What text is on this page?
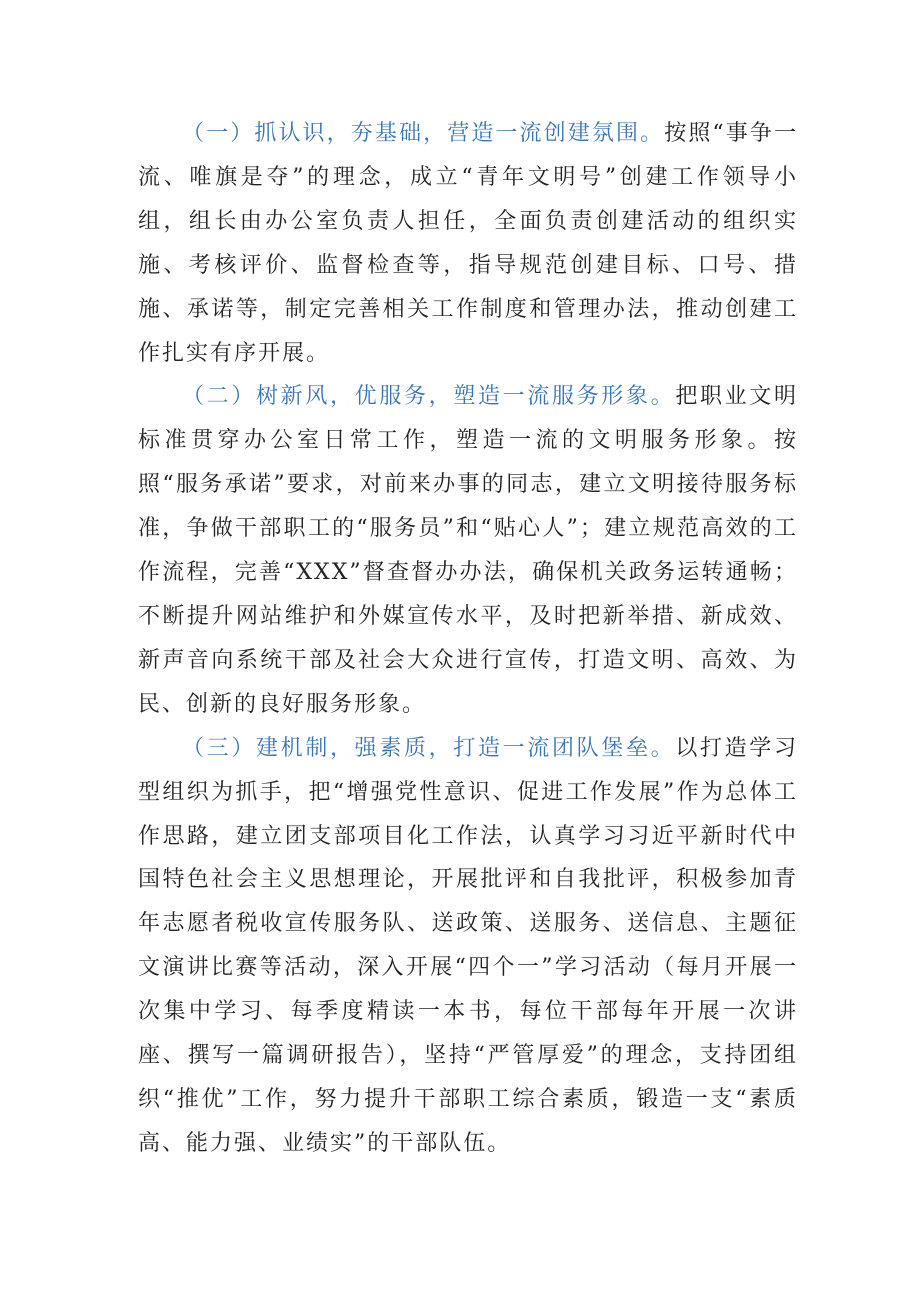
（一）抓认识，夯基础，营造一流创建氛围。按照“事争一流、唯旗是夺”的理念，成立“青年文明号”创建工作领导小组，组长由办公室负责人担任，全面负责创建活动的组织实施、考核评价、监督检查等，指导规范创建目标、口号、措施、承诺等，制定完善相关工作制度和管理办法，推动创建工作扎实有序开展。

（二）树新风，优服务，塑造一流服务形象。把职业文明标准贯穿办公室日常工作，塑造一流的文明服务形象。按照“服务承诺”要求，对前来办事的同志，建立文明接待服务标准，争做干部职工的“服务员”和“贴心人”；建立规范高效的工作流程，完善“XXX”督查督办办法，确保机关政务运转通畅；不断提升网站维护和外媒宣传水平，及时把新举措、新成效、新声音向系统干部及社会大众进行宣传，打造文明、高效、为民、创新的良好服务形象。

（三）建机制，强素质，打造一流团队堡垒。以打造学习型组织为抓手，把“增强党性意识、促进工作发展”作为总体工作思路，建立团支部项目化工作法，认真学习习近平新时代中国特色社会主义思想理论，开展批评和自我批评，积极参加青年志愿者税收宣传服务队、送政策、送服务、送信息、主题征文演讲比赛等活动，深入开展“四个一”学习活动（每月开展一次集中学习、每季度精读一本书，每位干部每年开展一次讲座、撰写一篇调研报告），坚持“严管厚爱”的理念，支持团组织“推优”工作，努力提升干部职工综合素质，锻造一支“素质高、能力强、业绩实”的干部队伍。
